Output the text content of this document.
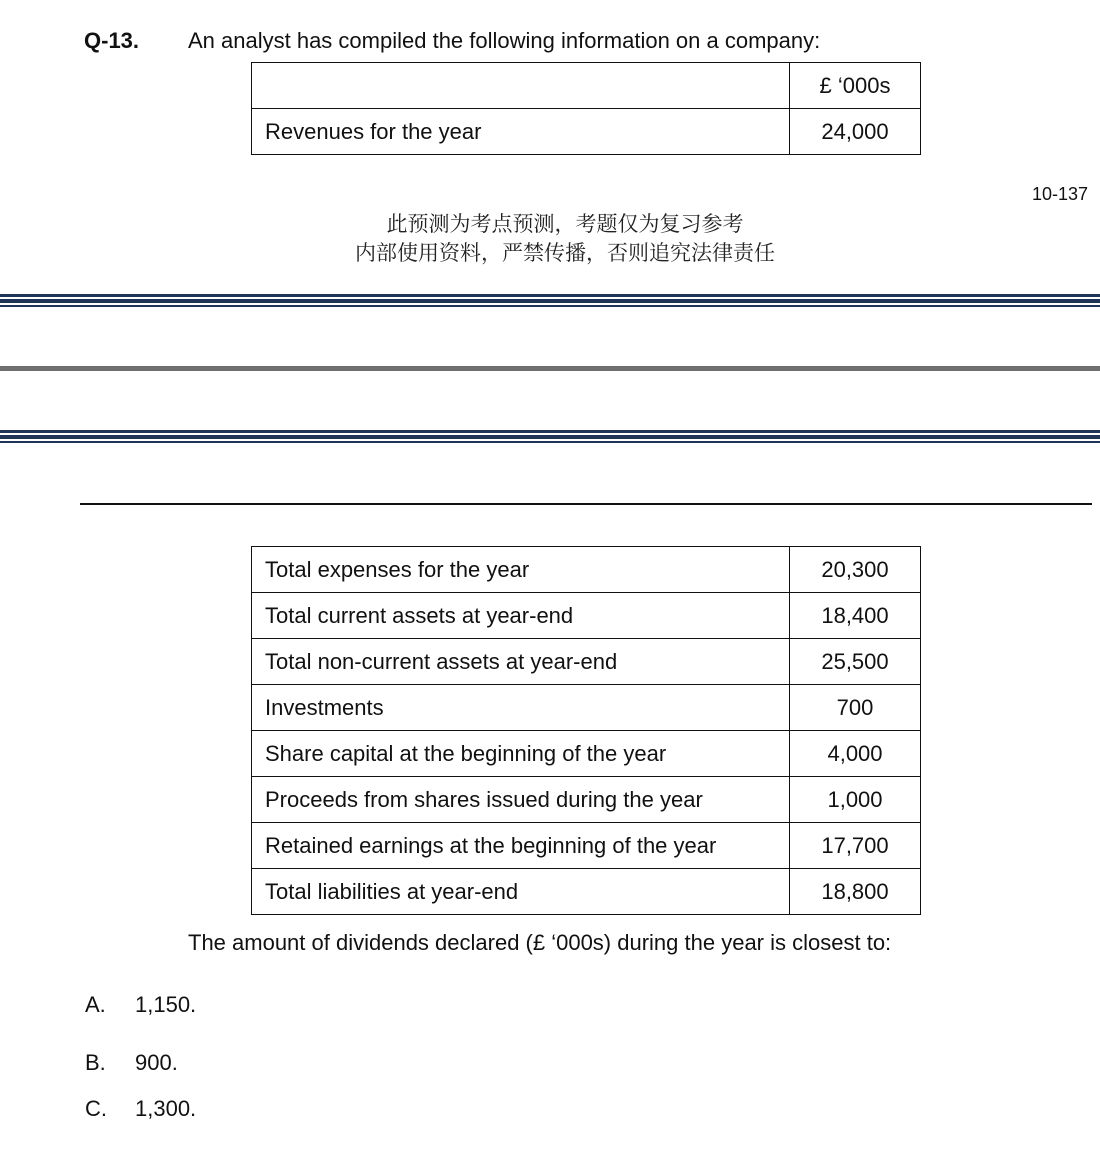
Q-13. An analyst has compiled the following information on a company:
	£ ‘000s
Revenues for the year	24,000
10-137
此预测为考点预测，考题仅为复习参考
内部使用资料，严禁传播，否则追究法律责任
Total expenses for the year	20,300
Total current assets at year-end	18,400
Total non-current assets at year-end	25,500
Investments	700
Share capital at the beginning of the year	4,000
Proceeds from shares issued during the year	1,000
Retained earnings at the beginning of the year	17,700
Total liabilities at year-end	18,800
The amount of dividends declared (£ ‘000s) during the year is closest to:
A. 1,150.
B. 900.
C. 1,300.
